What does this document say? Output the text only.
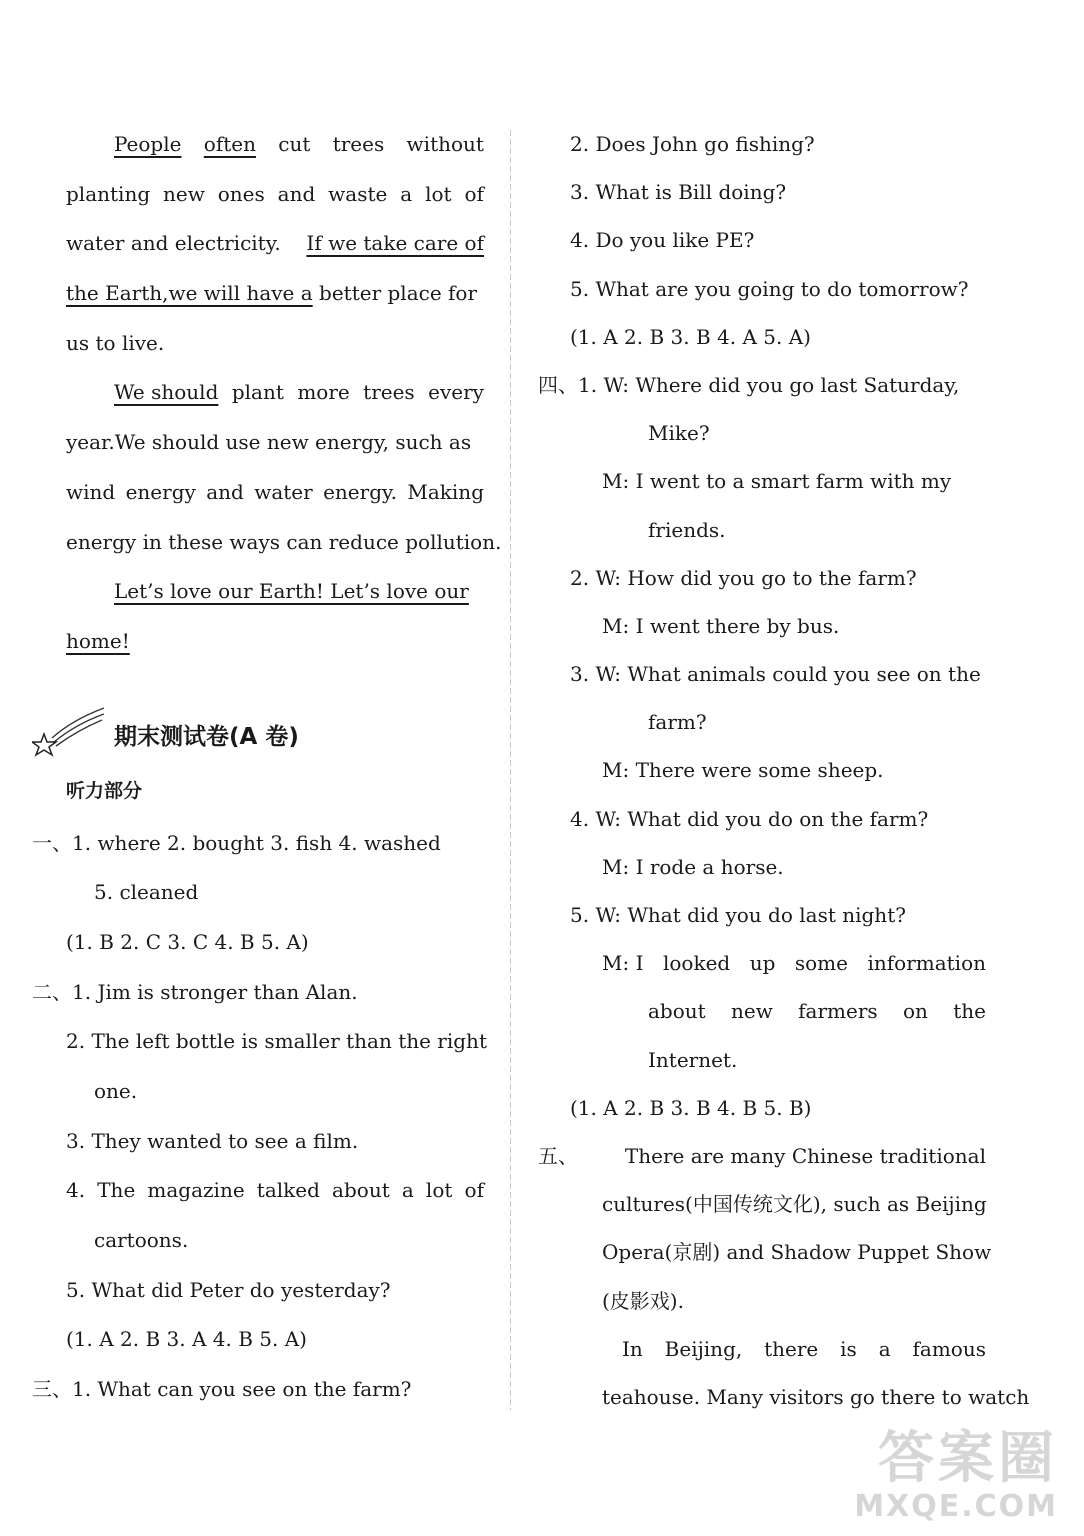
People often cut trees without
planting new ones and waste a lot of
water and electricity. If we take care of
the Earth,we will have a better place for
us to live.
We should plant more trees every
year.We should use new energy, such as
wind energy and water energy. Making
energy in these ways can reduce pollution.
Let’s love our Earth! Let’s love our
home!
期末测试卷(A 卷)
听力部分
一、1. where 2. bought 3. fish 4. washed
5. cleaned
(1. B 2. C 3. C 4. B 5. A)
二、1. Jim is stronger than Alan.
2. The left bottle is smaller than the right
one.
3. They wanted to see a film.
4. The magazine talked about a lot of
cartoons.
5. What did Peter do yesterday?
(1. A 2. B 3. A 4. B 5. A)
三、1. What can you see on the farm?
2. Does John go fishing?
3. What is Bill doing?
4. Do you like PE?
5. What are you going to do tomorrow?
(1. A 2. B 3. B 4. A 5. A)
四、1. W: Where did you go last Saturday,
Mike?
M: I went to a smart farm with my
friends.
2. W: How did you go to the farm?
M: I went there by bus.
3. W: What animals could you see on the
farm?
M: There were some sheep.
4. W: What did you do on the farm?
M: I rode a horse.
5. W: What did you do last night?
M: I looked up some information
about new farmers on the
Internet.
(1. A 2. B 3. B 4. B 5. B)
五、 There are many Chinese traditional
cultures(中国传统文化), such as Beijing
Opera(京剧) and Shadow Puppet Show
(皮影戏).
In Beijing, there is a famous
teahouse. Many visitors go there to watch
答案圈
MXQE.COM
